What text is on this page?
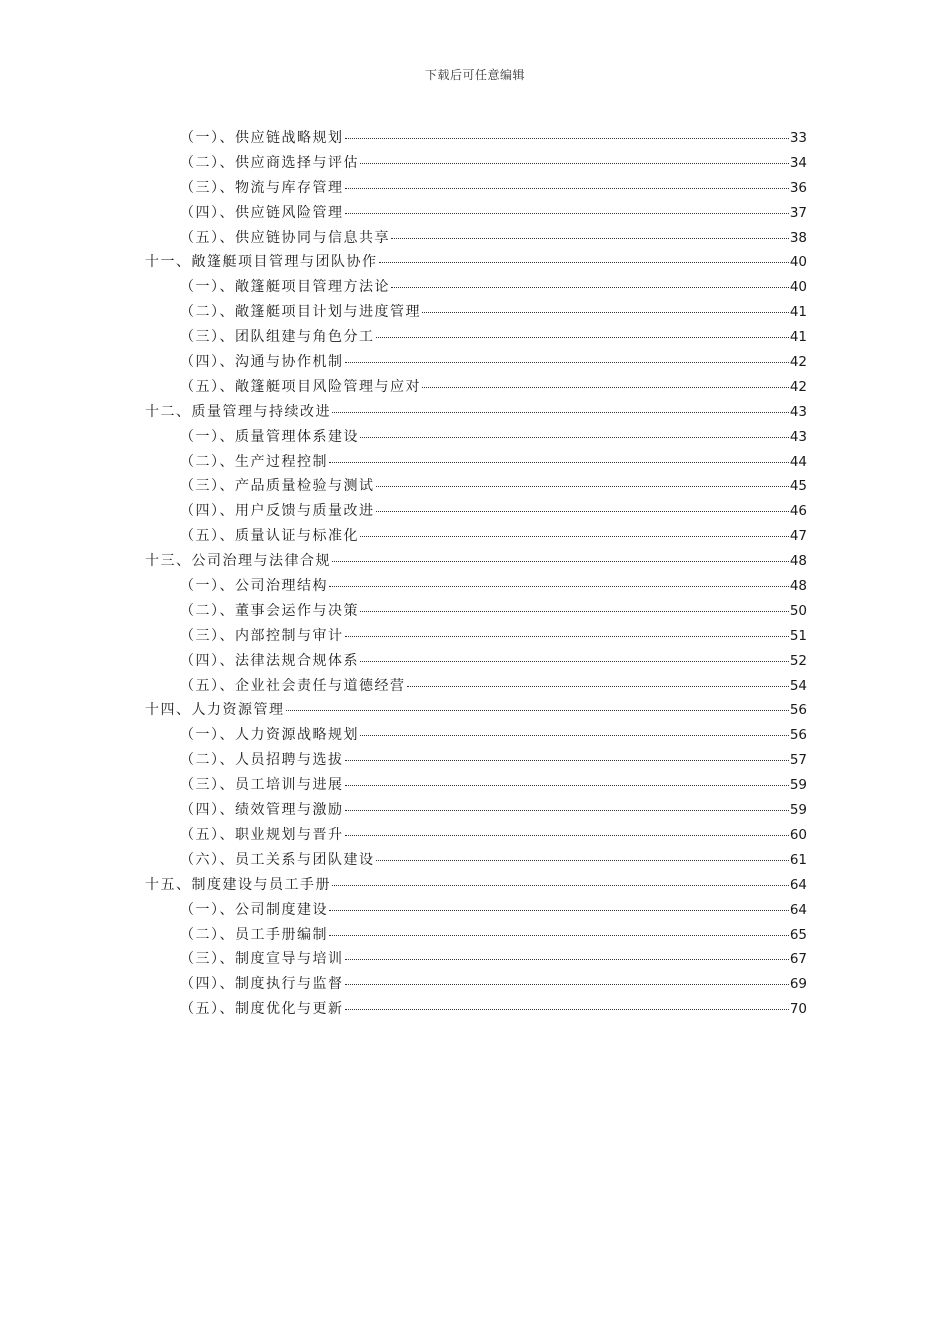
下载后可任意编辑
（一）、供应链战略规划	33
（二）、供应商选择与评估	34
（三）、物流与库存管理	36
（四）、供应链风险管理	37
（五）、供应链协同与信息共享	38
十一、敞篷艇项目管理与团队协作	40
（一）、敞篷艇项目管理方法论	40
（二）、敞篷艇项目计划与进度管理	41
（三）、团队组建与角色分工	41
（四）、沟通与协作机制	42
（五）、敞篷艇项目风险管理与应对	42
十二、质量管理与持续改进	43
（一）、质量管理体系建设	43
（二）、生产过程控制	44
（三）、产品质量检验与测试	45
（四）、用户反馈与质量改进	46
（五）、质量认证与标准化	47
十三、公司治理与法律合规	48
（一）、公司治理结构	48
（二）、董事会运作与决策	50
（三）、内部控制与审计	51
（四）、法律法规合规体系	52
（五）、企业社会责任与道德经营	54
十四、人力资源管理	56
（一）、人力资源战略规划	56
（二）、人员招聘与选拔	57
（三）、员工培训与进展	59
（四）、绩效管理与激励	59
（五）、职业规划与晋升	60
（六）、员工关系与团队建设	61
十五、制度建设与员工手册	64
（一）、公司制度建设	64
（二）、员工手册编制	65
（三）、制度宣导与培训	67
（四）、制度执行与监督	69
（五）、制度优化与更新	70
